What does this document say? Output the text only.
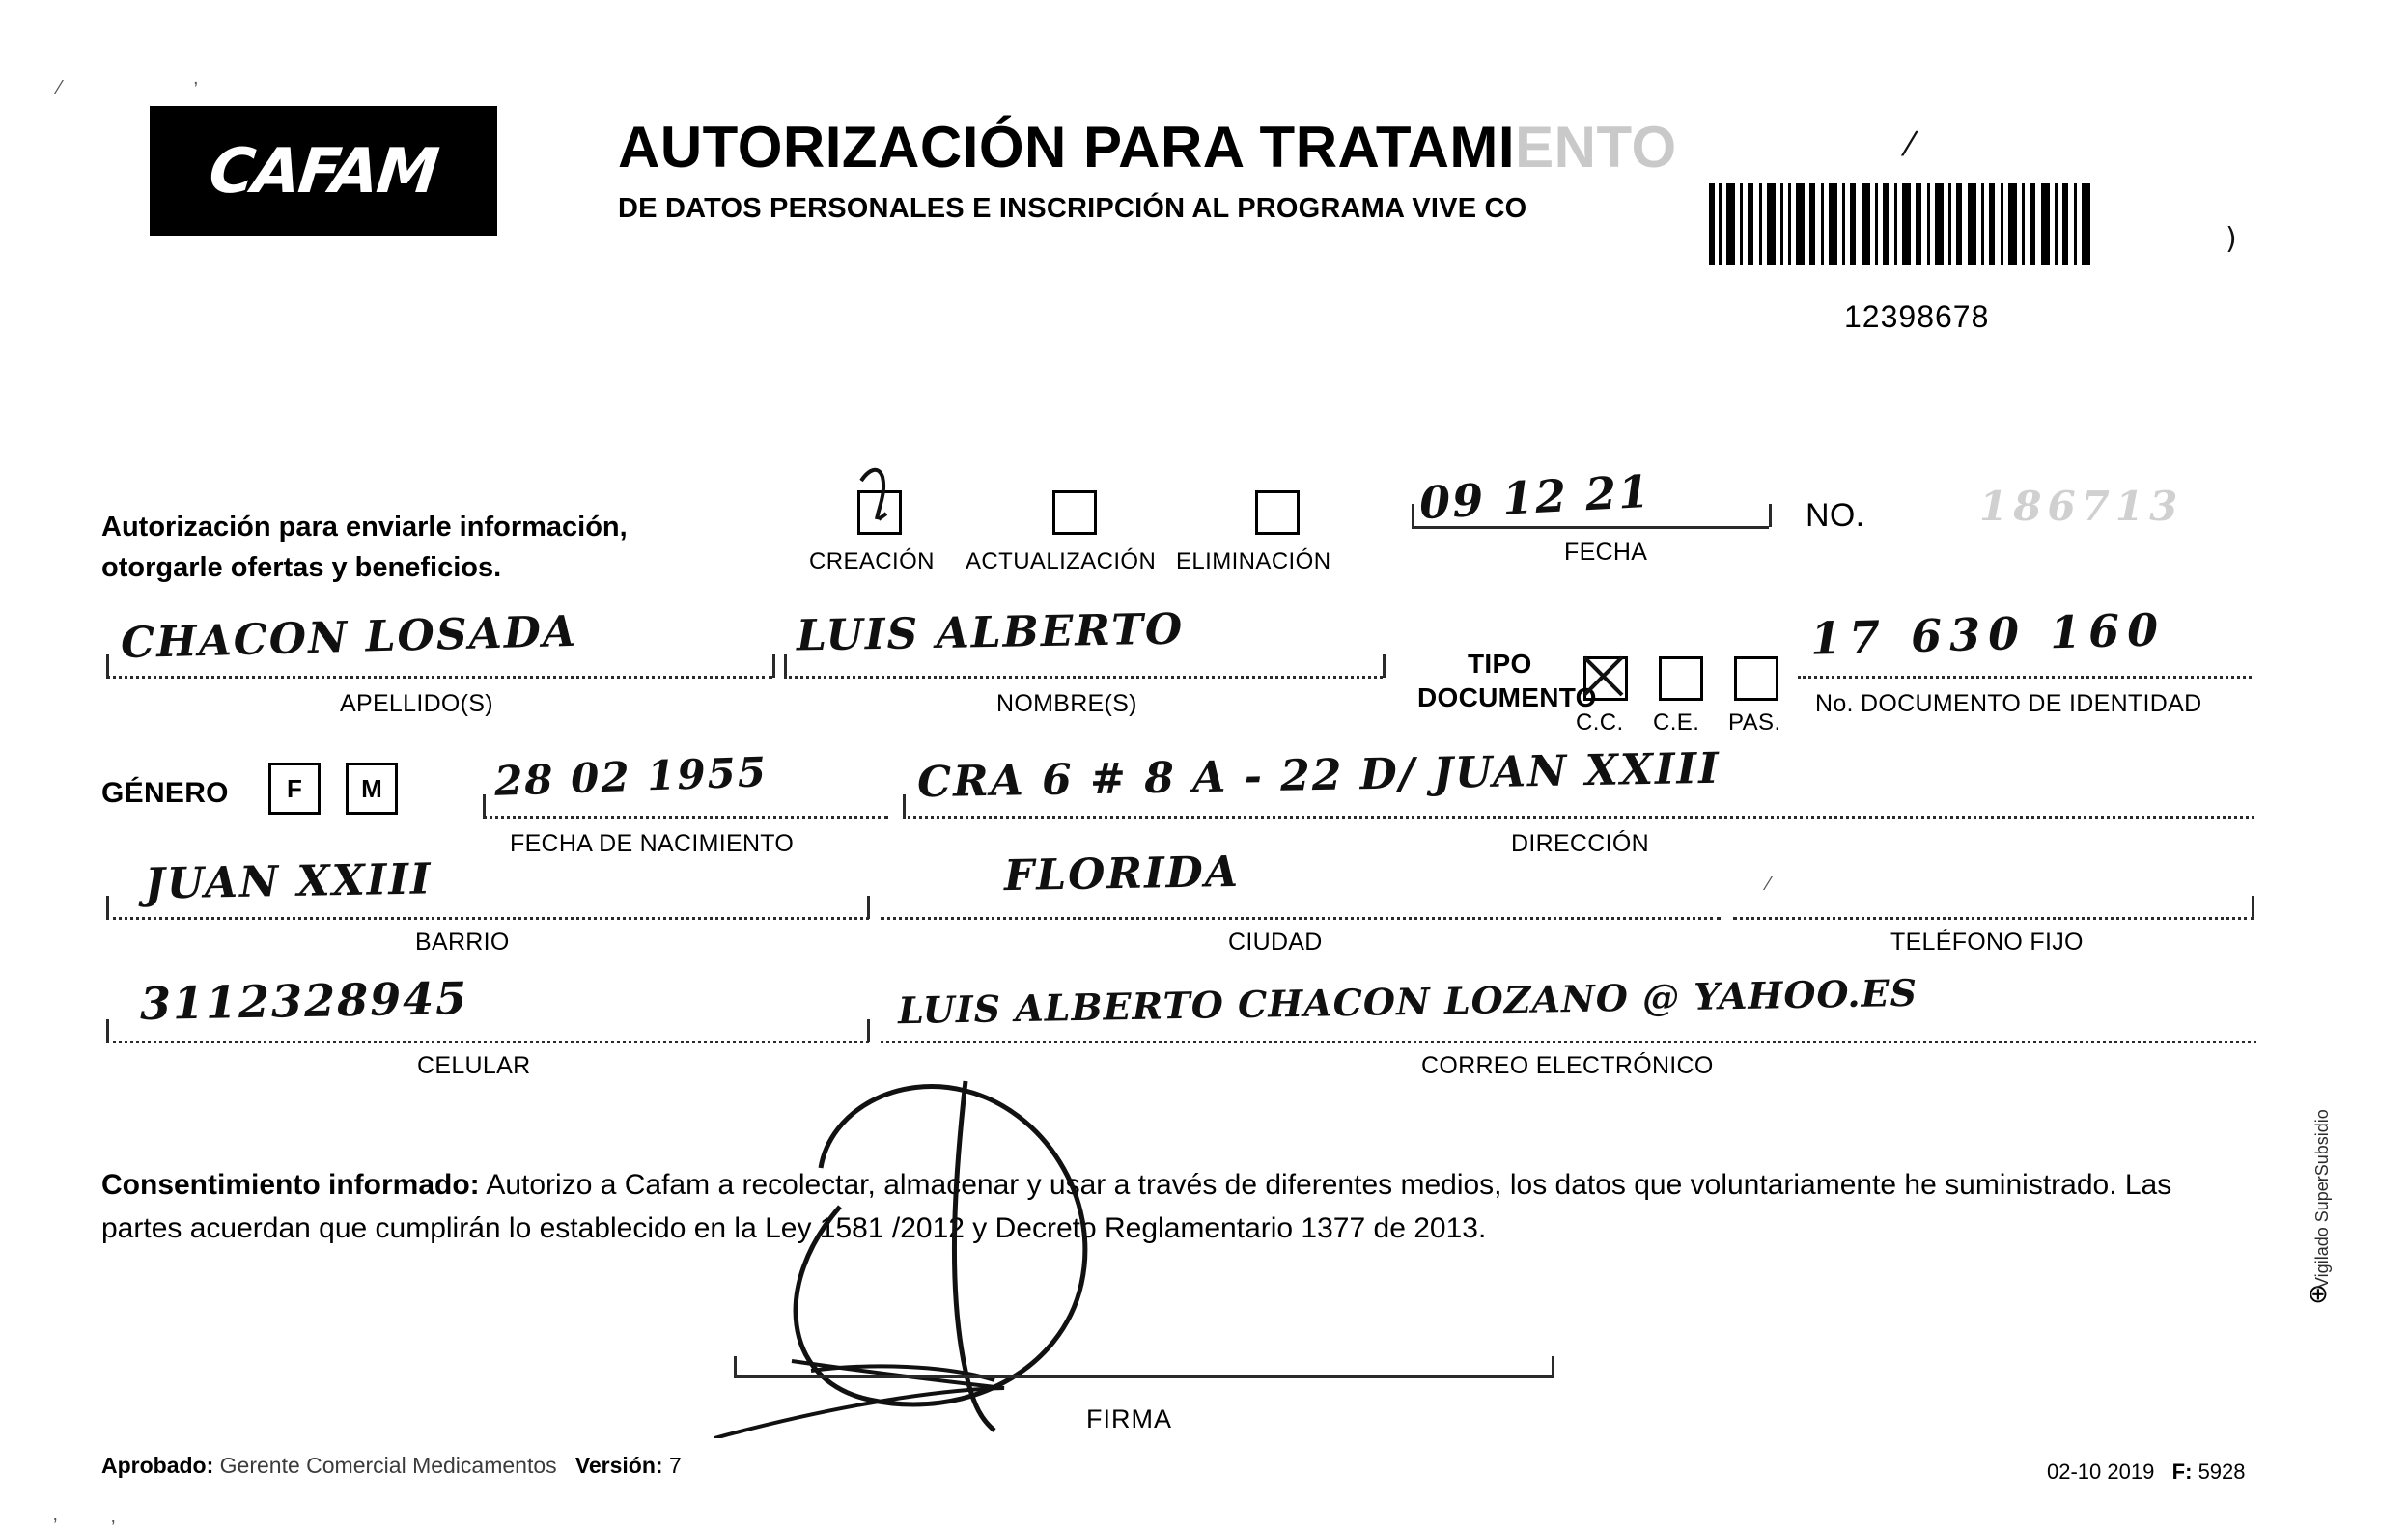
CAFAM	AUTORIZACIÓN PARA TRATAMIENTO
DE DATOS PERSONALES E INSCRIPCIÓN AL PROGRAMA VIVE CO
12398678
⁄
)
⁄	,
Autorización para enviarle información,
otorgarle ofertas y beneficios.	CREACIÓN ACTUALIZACIÓN ELIMINACIÓN
09 12 21
FECHA
NO.	186713
CHACON LOSADA
APELLIDO(S)
LUIS ALBERTO
NOMBRE(S)
TIPO
DOCUMENTO
C.C. C.E. PAS.
17 630 160
No. DOCUMENTO DE IDENTIDAD
GÉNERO F M	28 02 1955
FECHA DE NACIMIENTO
CRA 6 # 8 A - 22 D/ JUAN XXIII
DIRECCIÓN
JUAN XXIII
BARRIO
FLORIDA
CIUDAD	TELÉFONO FIJO
⁄
3112328945
CELULAR
LUIS ALBERTO CHACON LOZANO @ YAHOO.ES
CORREO ELECTRÓNICO
Consentimiento informado: Autorizo a Cafam a recolectar, almacenar y usar a través de diferentes medios, los datos que voluntariamente he suministrado. Las partes acuerdan que cumplirán lo establecido en la Ley 1581 /2012 y Decreto Reglamentario 1377 de 2013.
FIRMA
Aprobado: Gerente Comercial Medicamentos Versión: 7	02-10 2019 F: 5928
⊕
Vigilado SuperSubsidio
‚	‚
